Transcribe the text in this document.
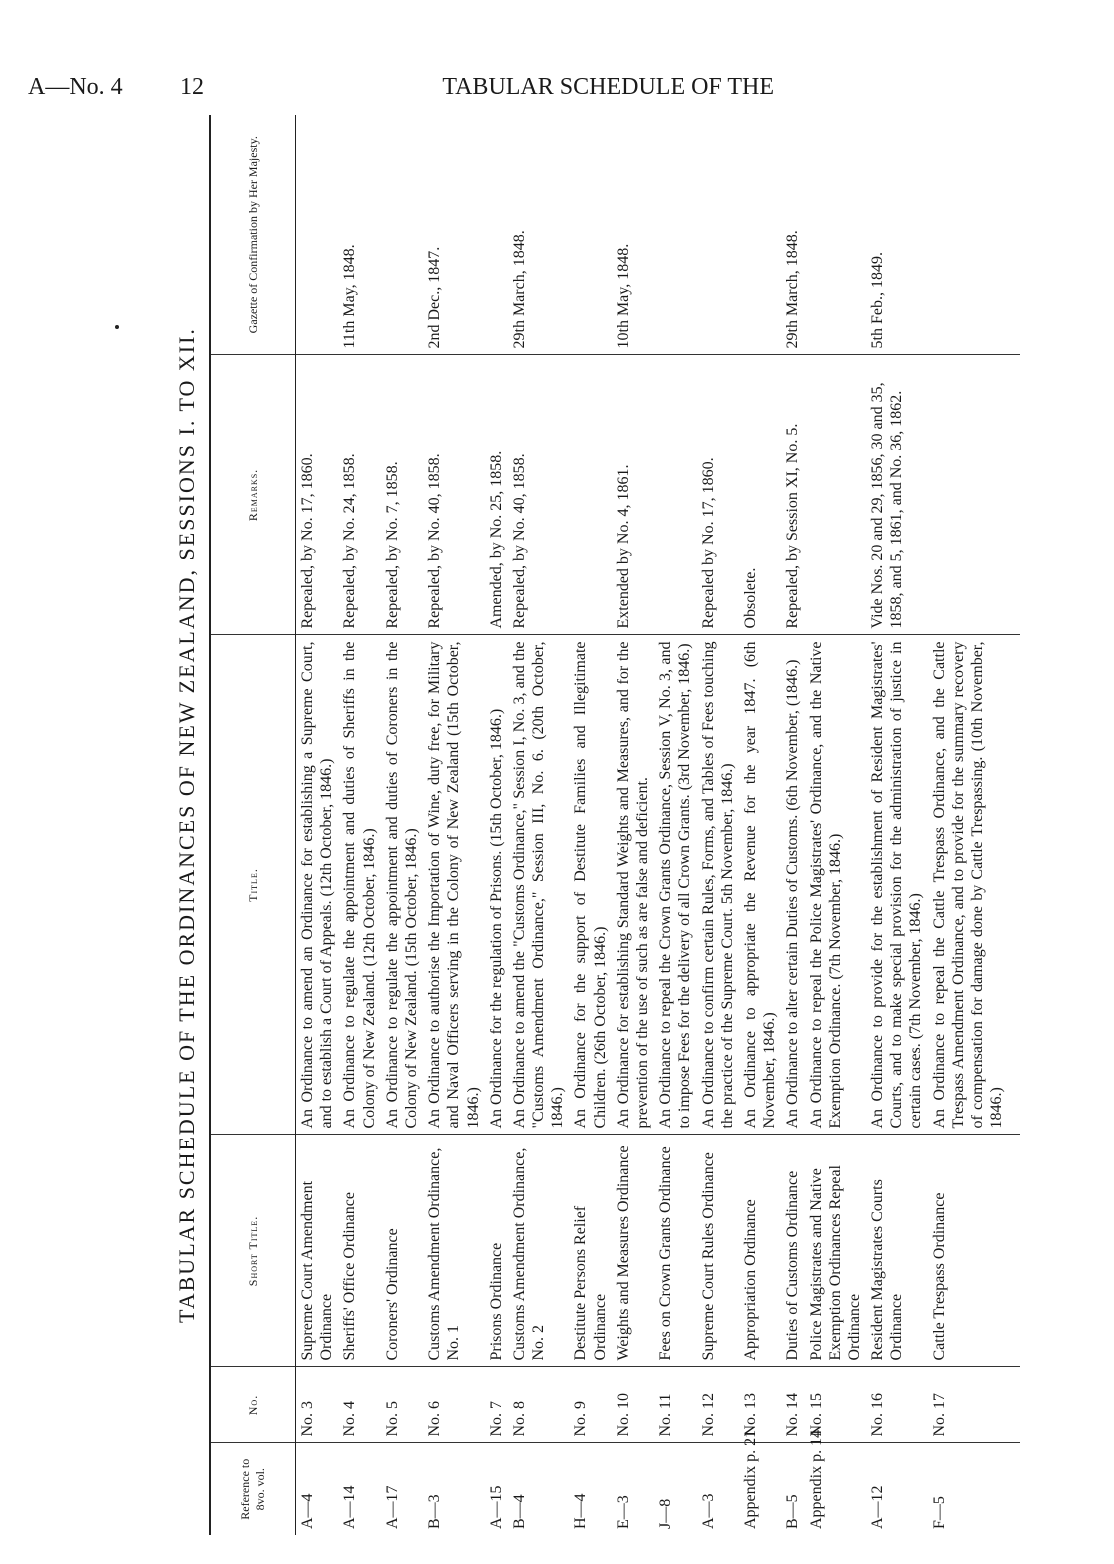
A—No. 4 12	TABULAR SCHEDULE OF THE
TABULAR SCHEDULE OF THE ORDINANCES OF NEW ZEALAND, SESSIONS I. TO XII.
Reference to 8vo. vol.	No.	Short Title.	Title.	Remarks.	Gazette of Confirmation by Her Majesty.
A—4	No. 3	Supreme Court Amendment Ordinance	An Ordinance to amend an Ordinance for establishing a Supreme Court, and to establish a Court of Appeals. (12th October, 1846.)	Repealed, by No. 17, 1860.	
A—14	No. 4	Sheriffs' Office Ordinance	An Ordinance to regulate the appointment and duties of Sheriffs in the Colony of New Zealand. (12th October, 1846.)	Repealed, by No. 24, 1858.	11th May, 1848.
A—17	No. 5	Coroners' Ordinance	An Ordinance to regulate the appointment and duties of Coroners in the Colony of New Zealand. (15th October, 1846.)	Repealed, by No. 7, 1858.	
B—3	No. 6	Customs Amendment Ordinance, No. 1	An Ordinance to authorise the Importation of Wine, duty free, for Military and Naval Officers serving in the Colony of New Zealand (15th October, 1846.)	Repealed, by No. 40, 1858.	2nd Dec., 1847.
A—15	No. 7	Prisons Ordinance	An Ordinance for the regulation of Prisons. (15th October, 1846.)	Amended, by No. 25, 1858.	
B—4	No. 8	Customs Amendment Ordinance, No. 2	An Ordinance to amend the "Customs Ordinance," Session I, No. 3, and the "Customs Amendment Ordinance," Session III, No. 6. (20th October, 1846.)	Repealed, by No. 40, 1858.	29th March, 1848.
H—4	No. 9	Destitute Persons Relief Ordinance	An Ordinance for the support of Destitute Families and Illegitimate Children. (26th October, 1846.)		
E—3	No. 10	Weights and Measures Ordinance	An Ordinance for establishing Standard Weights and Measures, and for the prevention of the use of such as are false and deficient.	Extended by No. 4, 1861.	10th May, 1848.
J—8	No. 11	Fees on Crown Grants Ordinance	An Ordinance to repeal the Crown Grants Ordinance, Session V, No. 3, and to impose Fees for the delivery of all Crown Grants. (3rd November, 1846.)		
A—3	No. 12	Supreme Court Rules Ordinance	An Ordinance to confirm certain Rules, Forms, and Tables of Fees touching the practice of the Supreme Court. 5th November, 1846.)	Repealed by No. 17, 1860.	
Appendix p. 21	No. 13	Appropriation Ordinance	An Ordinance to appropriate the Revenue for the year 1847. (6th November, 1846.)	Obsolete.	
B—5	No. 14	Duties of Customs Ordinance	An Ordinance to alter certain Duties of Customs. (6th November, (1846.)	Repealed, by Session XI, No. 5.	29th March, 1848.
Appendix p. 14	No. 15	Police Magistrates and Native Exemption Ordinances Repeal Ordinance	An Ordinance to repeal the Police Magistrates' Ordinance, and the Native Exemption Ordinance. (7th November, 1846.)		
A—12	No. 16	Resident Magistrates Courts Ordinance	An Ordinance to provide for the establishment of Resident Magistrates' Courts, and to make special provision for the administration of justice in certain cases. (7th November, 1846.)	Vide Nos. 20 and 29, 1856, 30 and 35, 1858, and 5, 1861, and No. 36, 1862.	5th Feb., 1849.
F—5	No. 17	Cattle Trespass Ordinance	An Ordinance to repeal the Cattle Trespass Ordinance, and the Cattle Trespass Amendment Ordinance, and to provide for the summary recovery of compensation for damage done by Cattle Trespassing. (10th November, 1846.)		
